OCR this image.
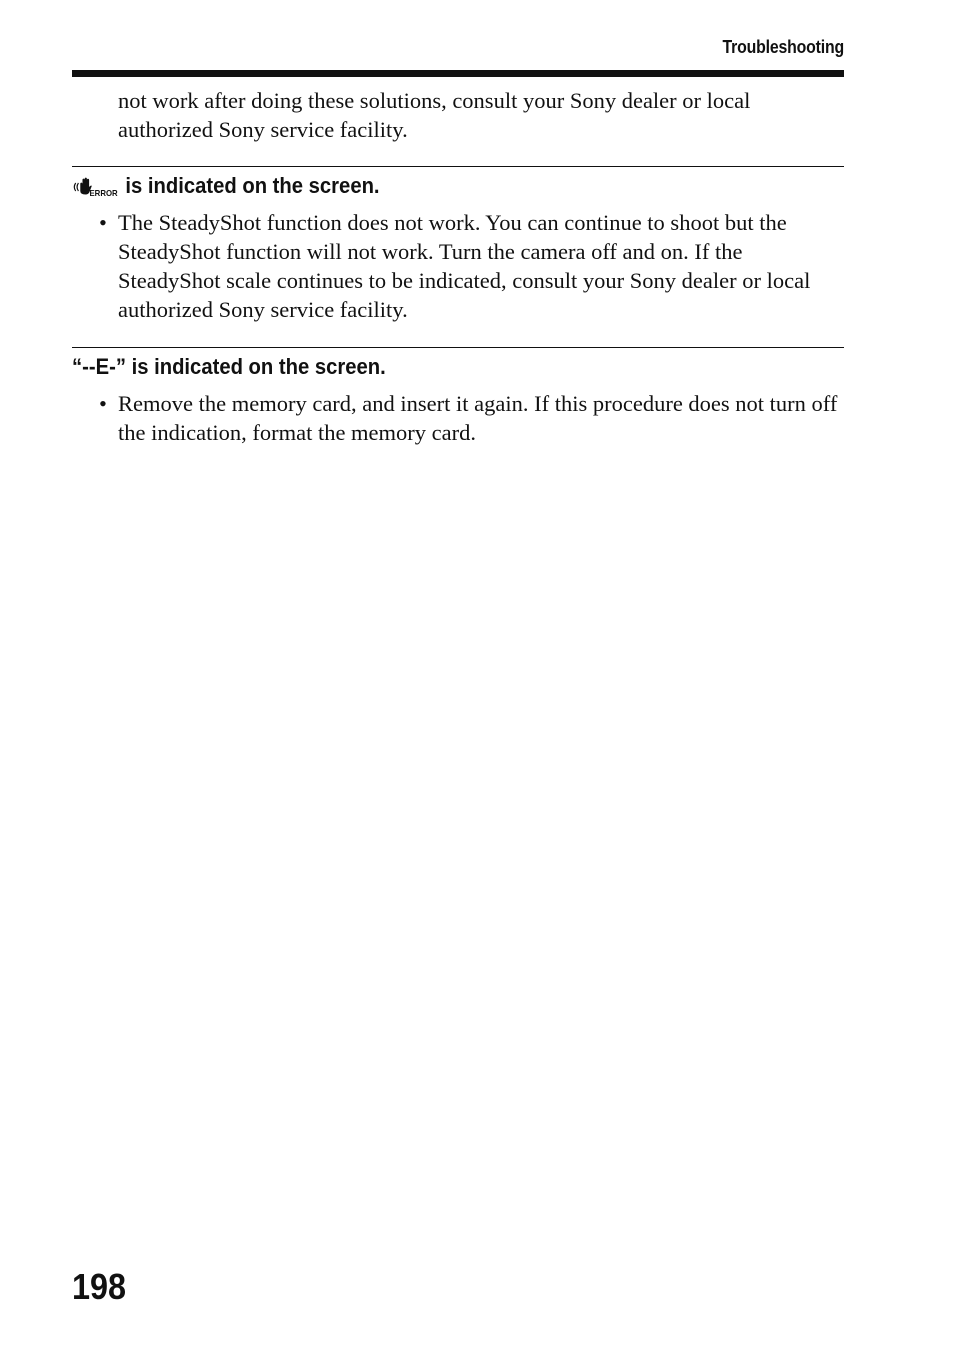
Troubleshooting

not work after doing these solutions, consult your Sony dealer or local authorized Sony service facility.

ERROR is indicated on the screen.
• The SteadyShot function does not work. You can continue to shoot but the SteadyShot function will not work. Turn the camera off and on. If the SteadyShot scale continues to be indicated, consult your Sony dealer or local authorized Sony service facility.
“--E-” is indicated on the screen.
• Remove the memory card, and insert it again. If this procedure does not turn off the indication, format the memory card.
198
